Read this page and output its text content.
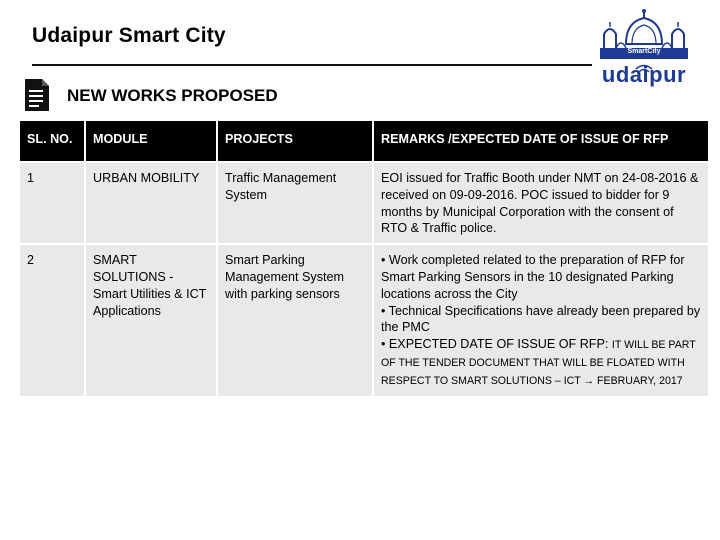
Udaipur Smart City
SmartCity
udaipur
NEW WORKS PROPOSED
SL. NO.	MODULE	PROJECTS	REMARKS /EXPECTED DATE OF ISSUE OF RFP
1	URBAN MOBILITY	Traffic Management System	EOI issued for Traffic Booth under NMT on 24-08-2016 & received on 09-09-2016. POC issued to bidder for 9 months by Municipal Corporation with the consent of RTO & Traffic police.

2	SMART SOLUTIONS - Smart Utilities & ICT Applications	Smart Parking Management System with parking sensors	• Work completed related to the preparation of RFP for Smart Parking Sensors in the 10 designated Parking locations across the City
• Technical Specifications have already been prepared by the PMC
• EXPECTED DATE OF ISSUE OF RFP: IT WILL BE PART OF THE TENDER DOCUMENT THAT WILL BE FLOATED WITH RESPECT TO SMART SOLUTIONS – ICT → FEBRUARY, 2017
